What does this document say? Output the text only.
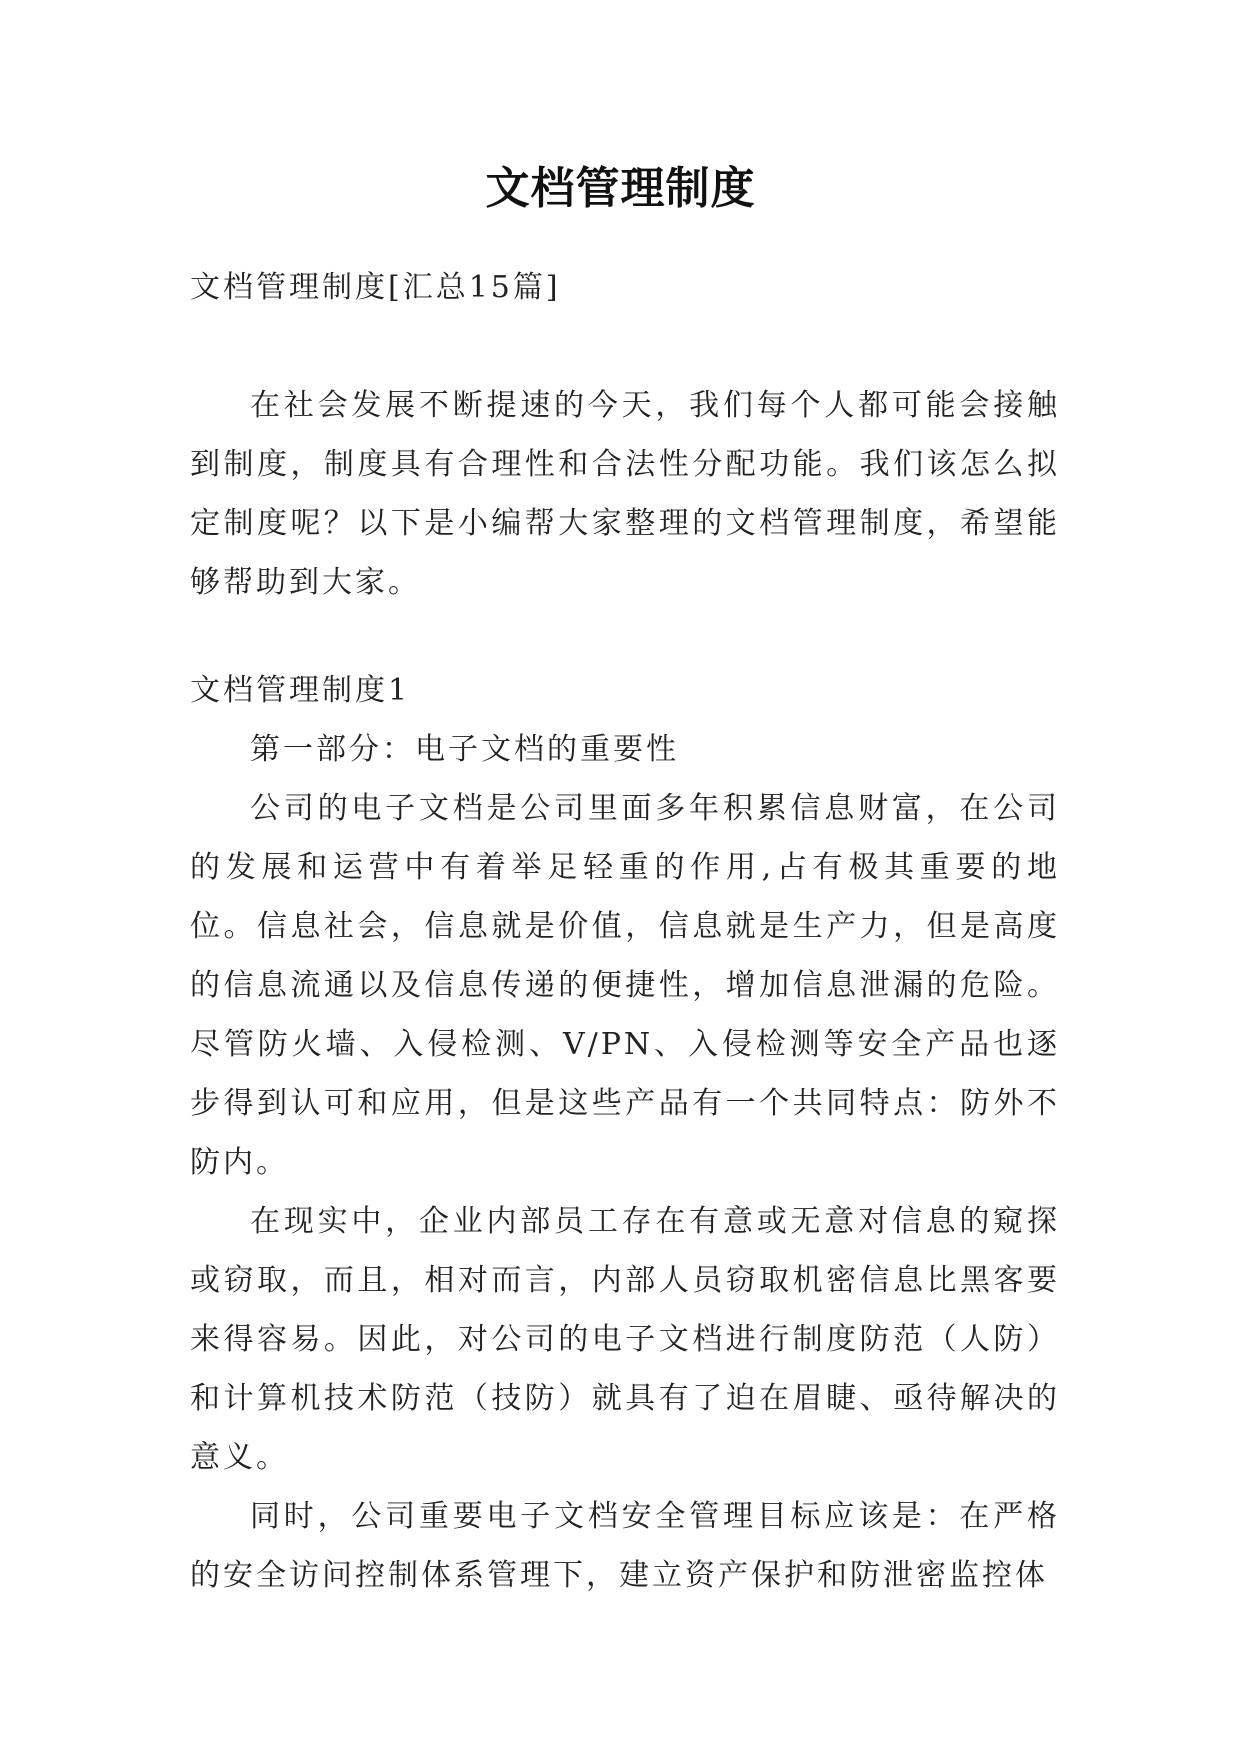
文档管理制度

文档管理制度[汇总15篇]

在社会发展不断提速的今天，我们每个人都可能会接触到制度，制度具有合理性和合法性分配功能。我们该怎么拟定制度呢？以下是小编帮大家整理的文档管理制度，希望能够帮助到大家。

文档管理制度1

第一部分：电子文档的重要性

公司的电子文档是公司里面多年积累信息财富，在公司的发展和运营中有着举足轻重的作用,占有极其重要的地位。信息社会，信息就是价值，信息就是生产力，但是高度的信息流通以及信息传递的便捷性，增加信息泄漏的危险。尽管防火墙、入侵检测、V/PN、入侵检测等安全产品也逐步得到认可和应用，但是这些产品有一个共同特点：防外不防内。

在现实中，企业内部员工存在有意或无意对信息的窥探或窃取，而且，相对而言，内部人员窃取机密信息比黑客要来得容易。因此，对公司的电子文档进行制度防范（人防）和计算机技术防范（技防）就具有了迫在眉睫、亟待解决的意义。

同时，公司重要电子文档安全管理目标应该是：在严格的安全访问控制体系管理下，建立资产保护和防泄密监控体
